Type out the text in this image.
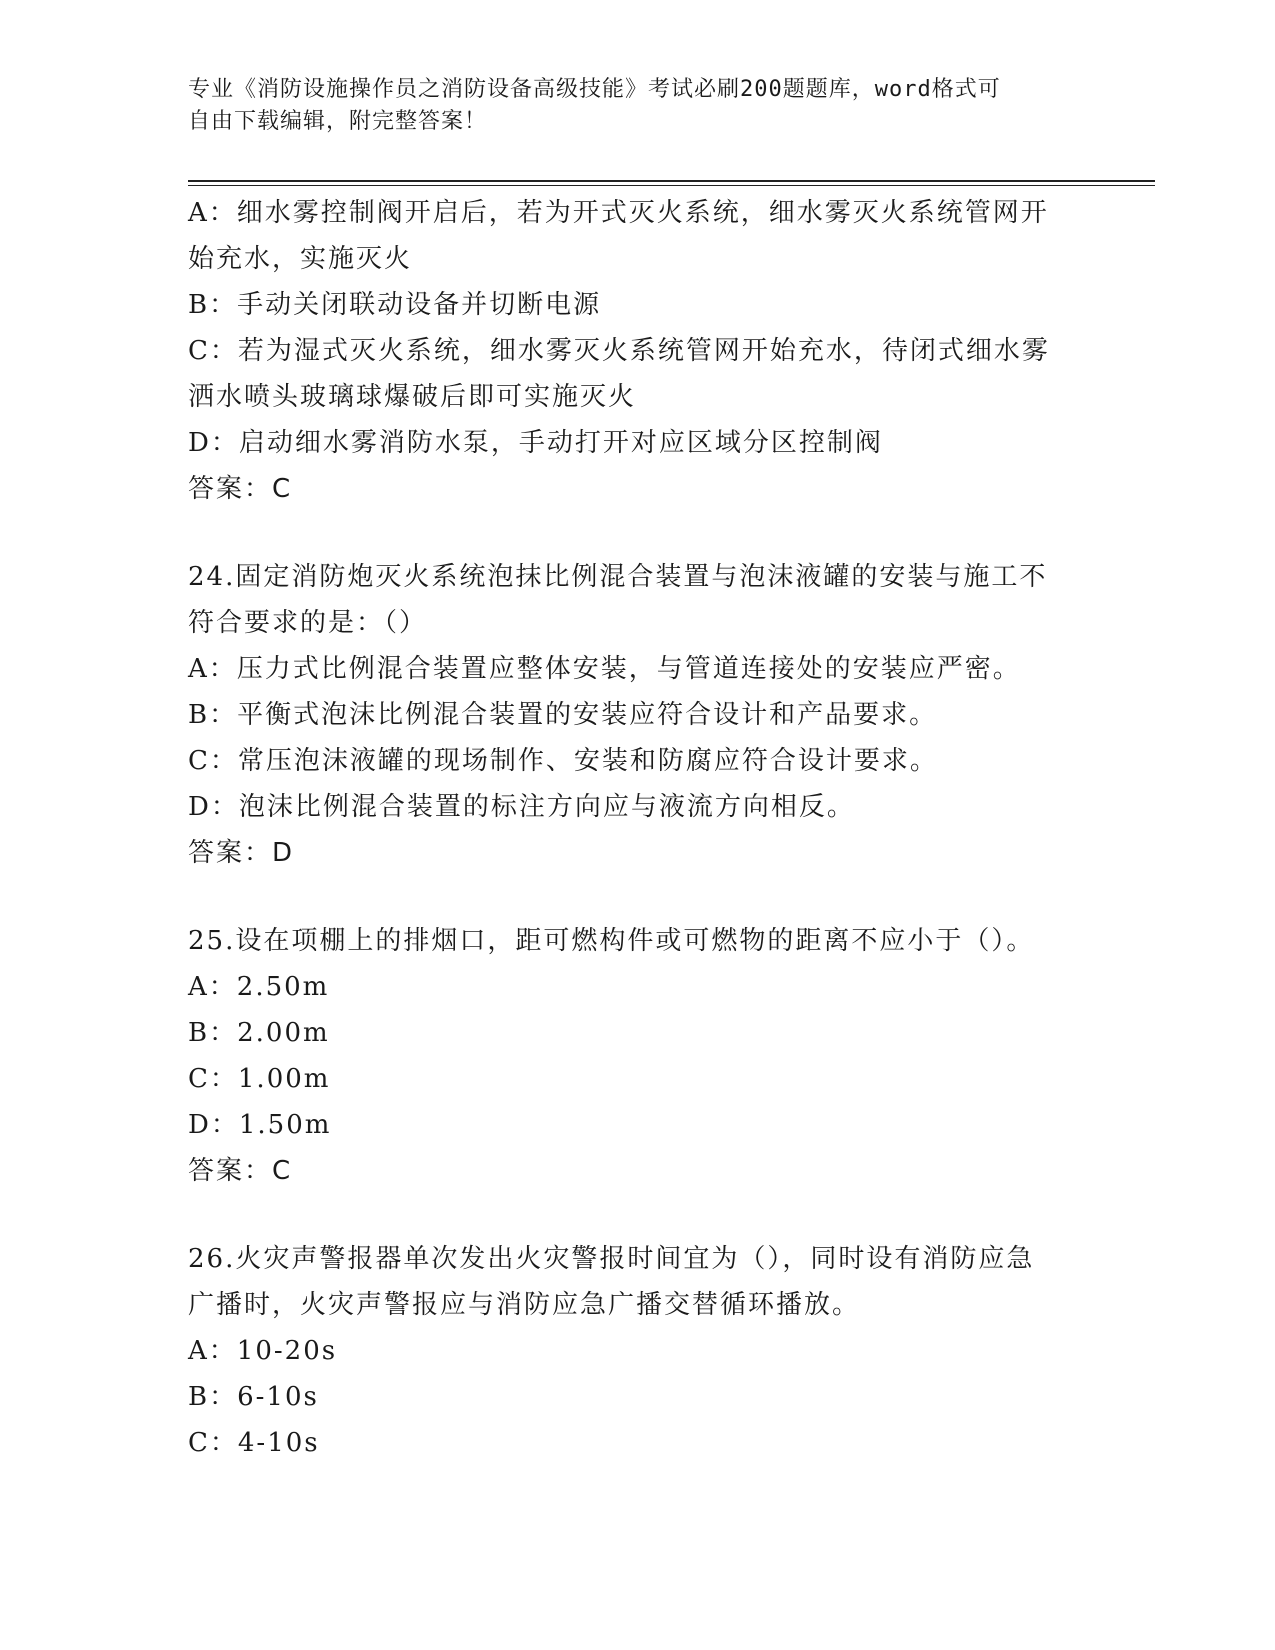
专业《消防设施操作员之消防设备高级技能》考试必刷200题题库，word格式可
自由下载编辑，附完整答案！
A：细水雾控制阀开启后，若为开式灭火系统，细水雾灭火系统管网开
始充水，实施灭火
B：手动关闭联动设备并切断电源
C：若为湿式灭火系统，细水雾灭火系统管网开始充水，待闭式细水雾
洒水喷头玻璃球爆破后即可实施灭火
D：启动细水雾消防水泵，手动打开对应区域分区控制阀
答案：C
24.固定消防炮灭火系统泡抹比例混合装置与泡沫液罐的安装与施工不
符合要求的是：（）
A：压力式比例混合装置应整体安装，与管道连接处的安装应严密。
B：平衡式泡沫比例混合装置的安装应符合设计和产品要求。
C：常压泡沫液罐的现场制作、安装和防腐应符合设计要求。
D：泡沫比例混合装置的标注方向应与液流方向相反。
答案：D
25.设在项棚上的排烟口，距可燃构件或可燃物的距离不应小于（）。
A：2.50m
B：2.00m
C：1.00m
D：1.50m
答案：C
26.火灾声警报器单次发出火灾警报时间宜为（），同时设有消防应急
广播时，火灾声警报应与消防应急广播交替循环播放。
A：10-20s
B：6-10s
C：4-10s
